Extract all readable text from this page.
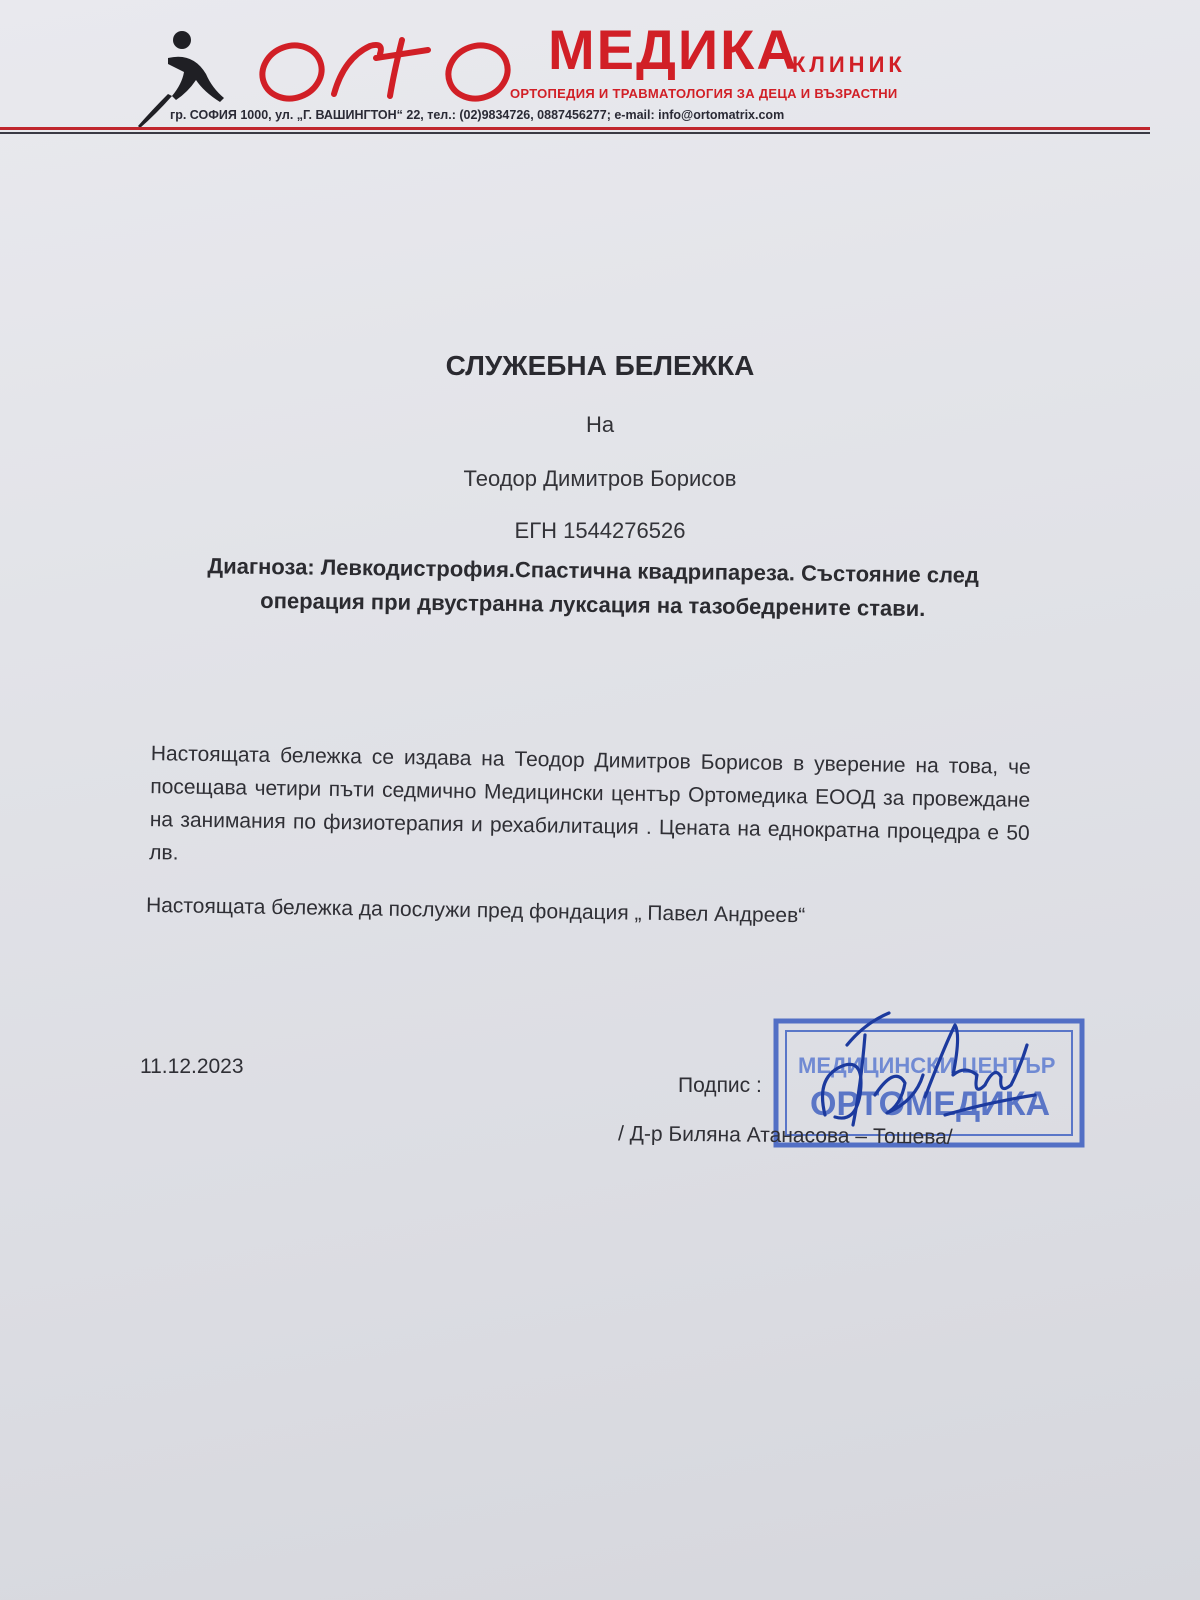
МЕДИКА
КЛИНИК
ОРТОПЕДИЯ И ТРАВМАТОЛОГИЯ ЗА ДЕЦА И ВЪЗРАСТНИ
гр. СОФИЯ 1000, ул. „Г. ВАШИНГТОН“ 22, тел.: (02)9834726, 0887456277; e-mail: info@ortomatrix.com
СЛУЖЕБНА БЕЛЕЖКА
На
Теодор Димитров Борисов
ЕГН 1544276526
Диагноза: Левкодистрофия.Спастична квадрипареза. Състояние след операция при двустранна луксация на тазобедрените стави.
Настоящата бележка се издава на Теодор Димитров Борисов в уверение на това, че посещава четири пъти седмично Медицински център Ортомедика ЕООД за провеждане на занимания по физиотерапия и рехабилитация . Цената на еднократна процедра е 50 лв.
Настоящата бележка да послужи пред фондация „ Павел Андреев“
11.12.2023
Подпис :
МЕДИЦИНСКИ ЦЕНТЪР
ОРТОМЕДИКА
/ Д-р Биляна Атанасова – Тошева/
